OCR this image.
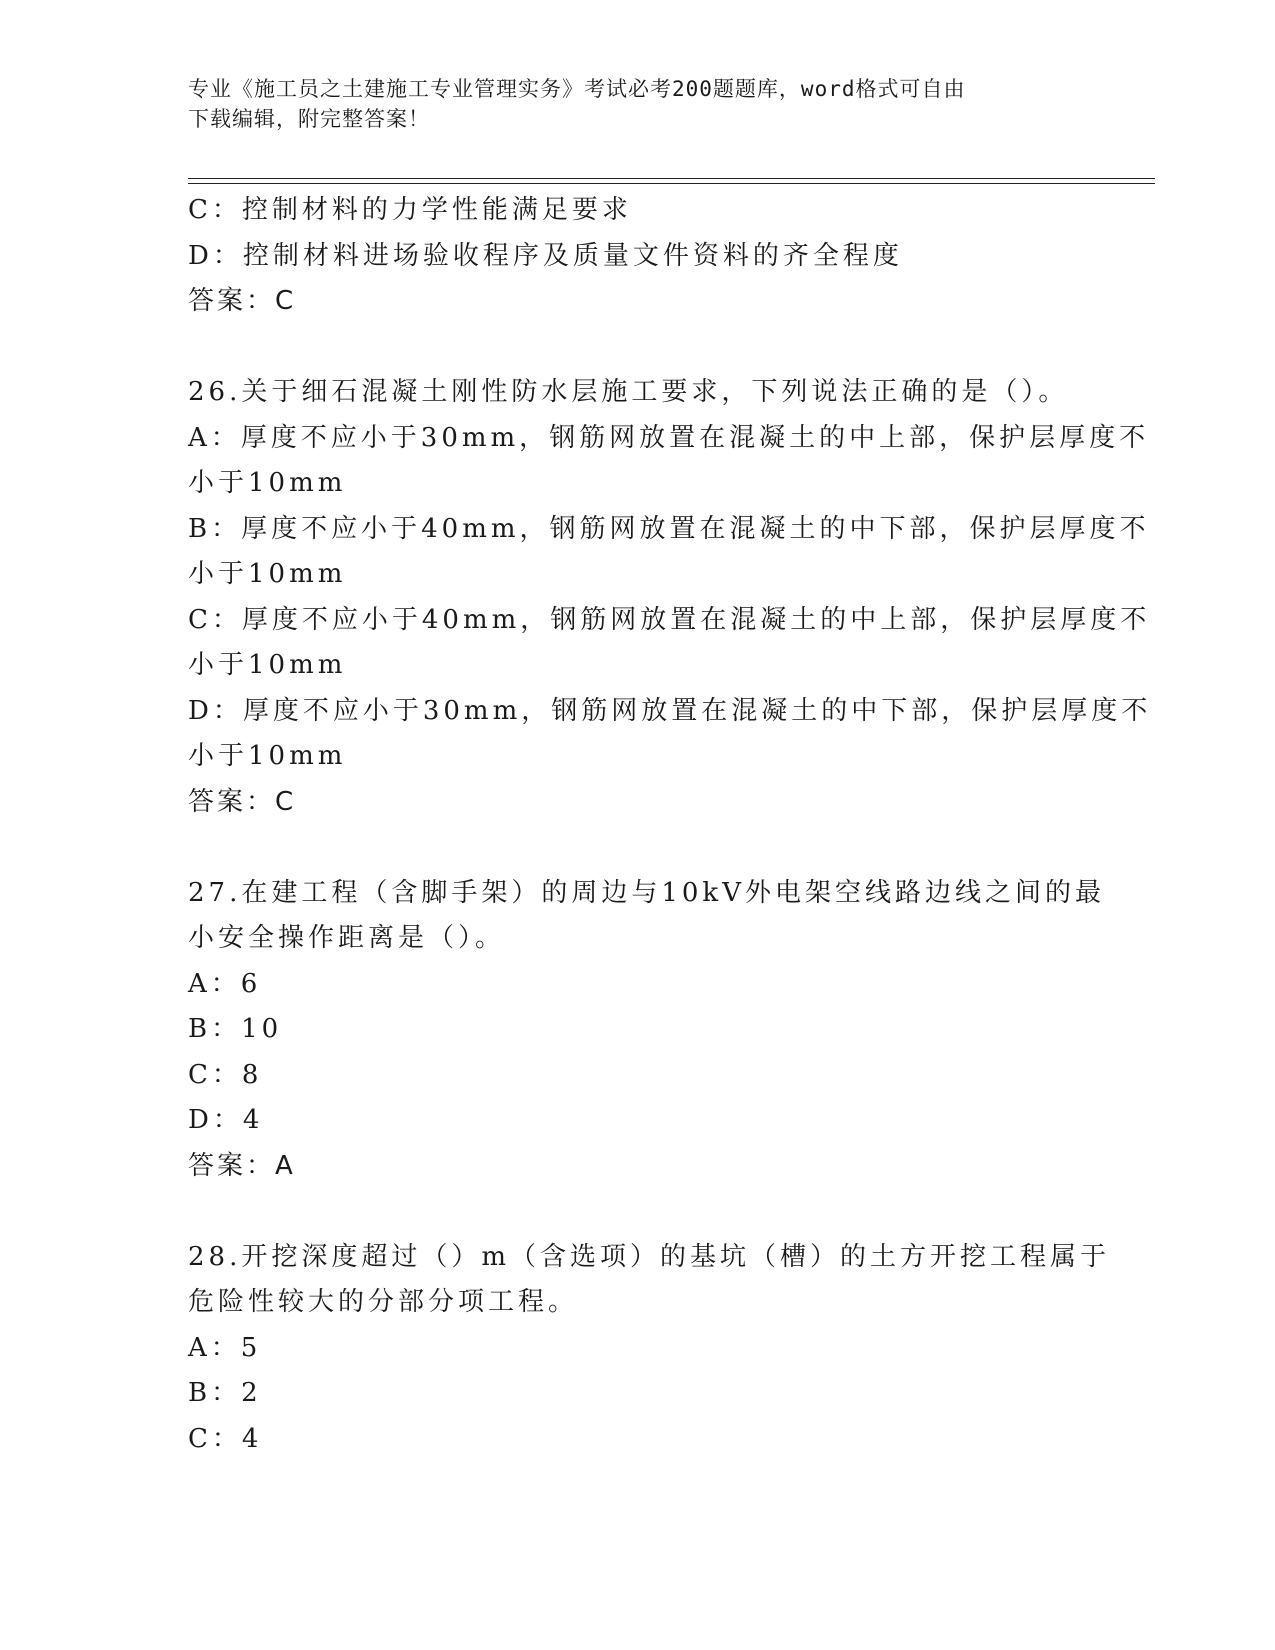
专业《施工员之土建施工专业管理实务》考试必考200题题库，word格式可自由
下载编辑，附完整答案！
C：控制材料的力学性能满足要求
D：控制材料进场验收程序及质量文件资料的齐全程度
答案：C
26.关于细石混凝土刚性防水层施工要求，下列说法正确的是（）。
A：厚度不应小于30mm，钢筋网放置在混凝土的中上部，保护层厚度不
小于10mm
B：厚度不应小于40mm，钢筋网放置在混凝土的中下部，保护层厚度不
小于10mm
C：厚度不应小于40mm，钢筋网放置在混凝土的中上部，保护层厚度不
小于10mm
D：厚度不应小于30mm，钢筋网放置在混凝土的中下部，保护层厚度不
小于10mm
答案：C
27.在建工程（含脚手架）的周边与10kV外电架空线路边线之间的最
小安全操作距离是（）。
A：6
B：10
C：8
D：4
答案：A
28.开挖深度超过（）m（含选项）的基坑（槽）的土方开挖工程属于
危险性较大的分部分项工程。
A：5
B：2
C：4
